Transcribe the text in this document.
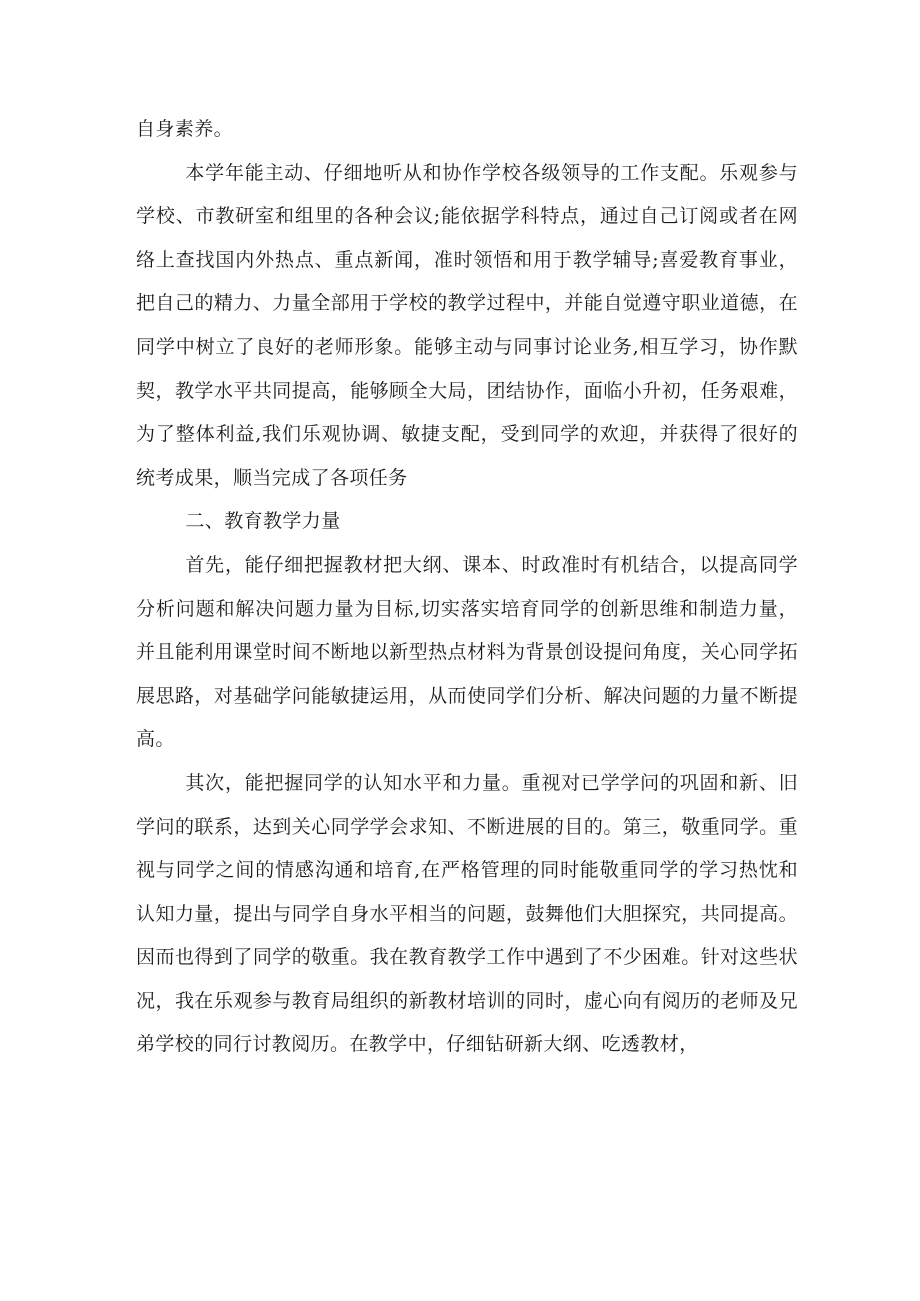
自身素养。

本学年能主动、仔细地听从和协作学校各级领导的工作支配。乐观参与学校、市教研室和组里的各种会议;能依据学科特点，通过自己订阅或者在网络上查找国内外热点、重点新闻，准时领悟和用于教学辅导;喜爱教育事业，把自己的精力、力量全部用于学校的教学过程中，并能自觉遵守职业道德，在同学中树立了良好的老师形象。能够主动与同事讨论业务,相互学习，协作默契，教学水平共同提高，能够顾全大局，团结协作，面临小升初，任务艰难，为了整体利益,我们乐观协调、敏捷支配，受到同学的欢迎，并获得了很好的统考成果，顺当完成了各项任务

二、教育教学力量

首先，能仔细把握教材把大纲、课本、时政准时有机结合，以提高同学分析问题和解决问题力量为目标,切实落实培育同学的创新思维和制造力量，并且能利用课堂时间不断地以新型热点材料为背景创设提问角度，关心同学拓展思路，对基础学问能敏捷运用，从而使同学们分析、解决问题的力量不断提高。

其次，能把握同学的认知水平和力量。重视对已学学问的巩固和新、旧学问的联系，达到关心同学学会求知、不断进展的目的。第三，敬重同学。重视与同学之间的情感沟通和培育,在严格管理的同时能敬重同学的学习热忱和认知力量，提出与同学自身水平相当的问题，鼓舞他们大胆探究，共同提高。因而也得到了同学的敬重。我在教育教学工作中遇到了不少困难。针对这些状况，我在乐观参与教育局组织的新教材培训的同时，虚心向有阅历的老师及兄弟学校的同行讨教阅历。在教学中，仔细钻研新大纲、吃透教材，
